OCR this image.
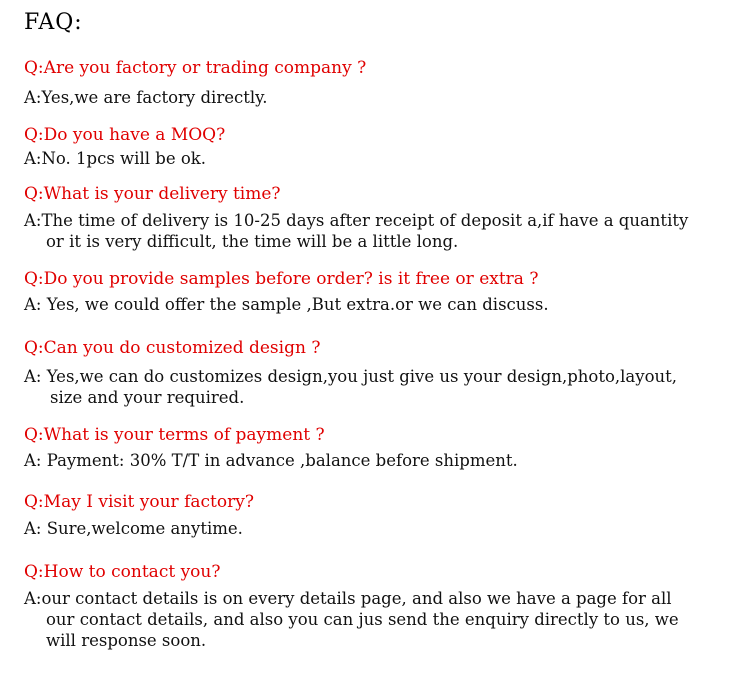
FAQ:
Q:Are you factory or trading company ?
A:Yes,we are factory directly.
Q:Do you have a MOQ?
A:No. 1pcs will be ok.
Q:What is your delivery time?
A:The time of delivery is 10-25 days after receipt of deposit a,if have a quantity
or it is very difficult, the time will be a little long.
Q:Do you provide samples before order? is it free or extra ?
A: Yes, we could offer the sample ,But extra.or we can discuss.
Q:Can you do customized design ?
A: Yes,we can do customizes design,you just give us your design,photo,layout,
size and your required.
Q:What is your terms of payment ?
A: Payment: 30% T/T in advance ,balance before shipment.
Q:May I visit your factory?
A: Sure,welcome anytime.
Q:How to contact you?
A:our contact details is on every details page, and also we have a page for all
our contact details, and also you can jus send the enquiry directly to us, we
will response soon.
